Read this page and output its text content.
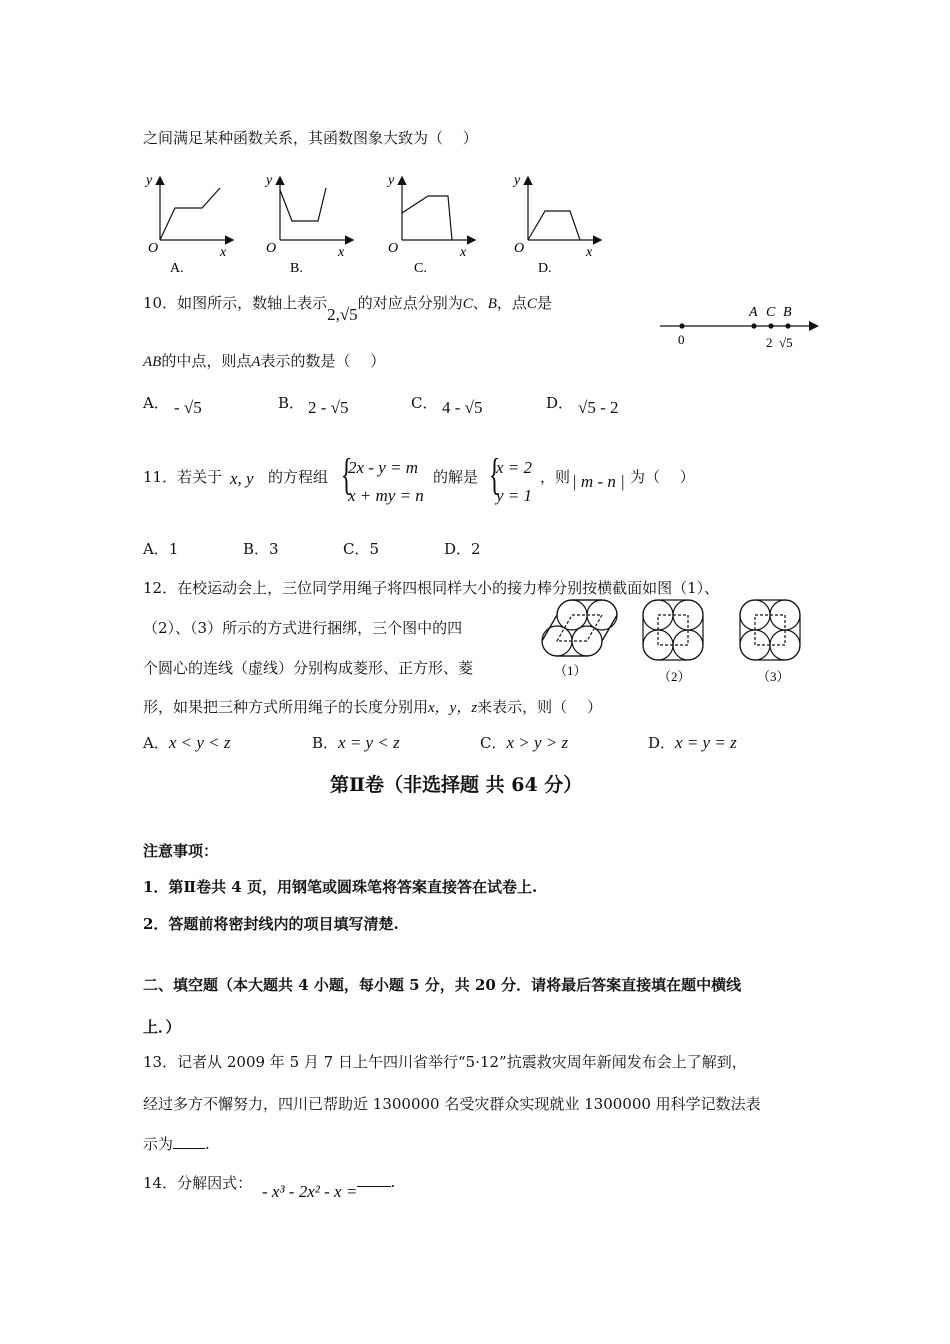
之间满足某种函数关系，其函数图象大致为（　 ）
y
x
O
A.
y
x
O
B.
y
x
O
C.
y
x
O
D.
10．如图所示，数轴上表示2,√5的对应点分别为C、B，点C是
A C B
0	2 √5
AB的中点，则点A表示的数是（　 ）
A． - √5	B． 2 - √5	C． 4 - √5	D． √5 - 2
11．若关于 x, y 的方程组 {
2x - y = m
x + my = n
的解是 {
x = 2
y = 1
，则 | m - n | 为（　 ）
A．1	B．3	C．5	D．2
12．在校运动会上，三位同学用绳子将四根同样大小的接力棒分别按横截面如图（1）、
（2）、（3）所示的方式进行捆绑，三个图中的四
个圆心的连线（虚线）分别构成菱形、正方形、菱
形，如果把三种方式所用绳子的长度分别用x，y，z来表示，则（　 ）
（1）	（2）	（3）
A．x < y < z	B．x = y < z	C．x > y > z	D．x = y = z
第Ⅱ卷（非选择题 共 64 分）
注意事项：
1．第Ⅱ卷共 4 页，用钢笔或圆珠笔将答案直接答在试卷上.
2．答题前将密封线内的项目填写清楚.
二、填空题（本大题共 4 小题，每小题 5 分，共 20 分．请将最后答案直接填在题中横线
上．）
13．记者从 2009 年 5 月 7 日上午四川省举行“5·12”抗震救灾周年新闻发布会上了解到，
经过多方不懈努力，四川已帮助近 1300000 名受灾群众实现就业 1300000 用科学记数法表
示为 .
14．分解因式： - x³ - 2x² - x =.
